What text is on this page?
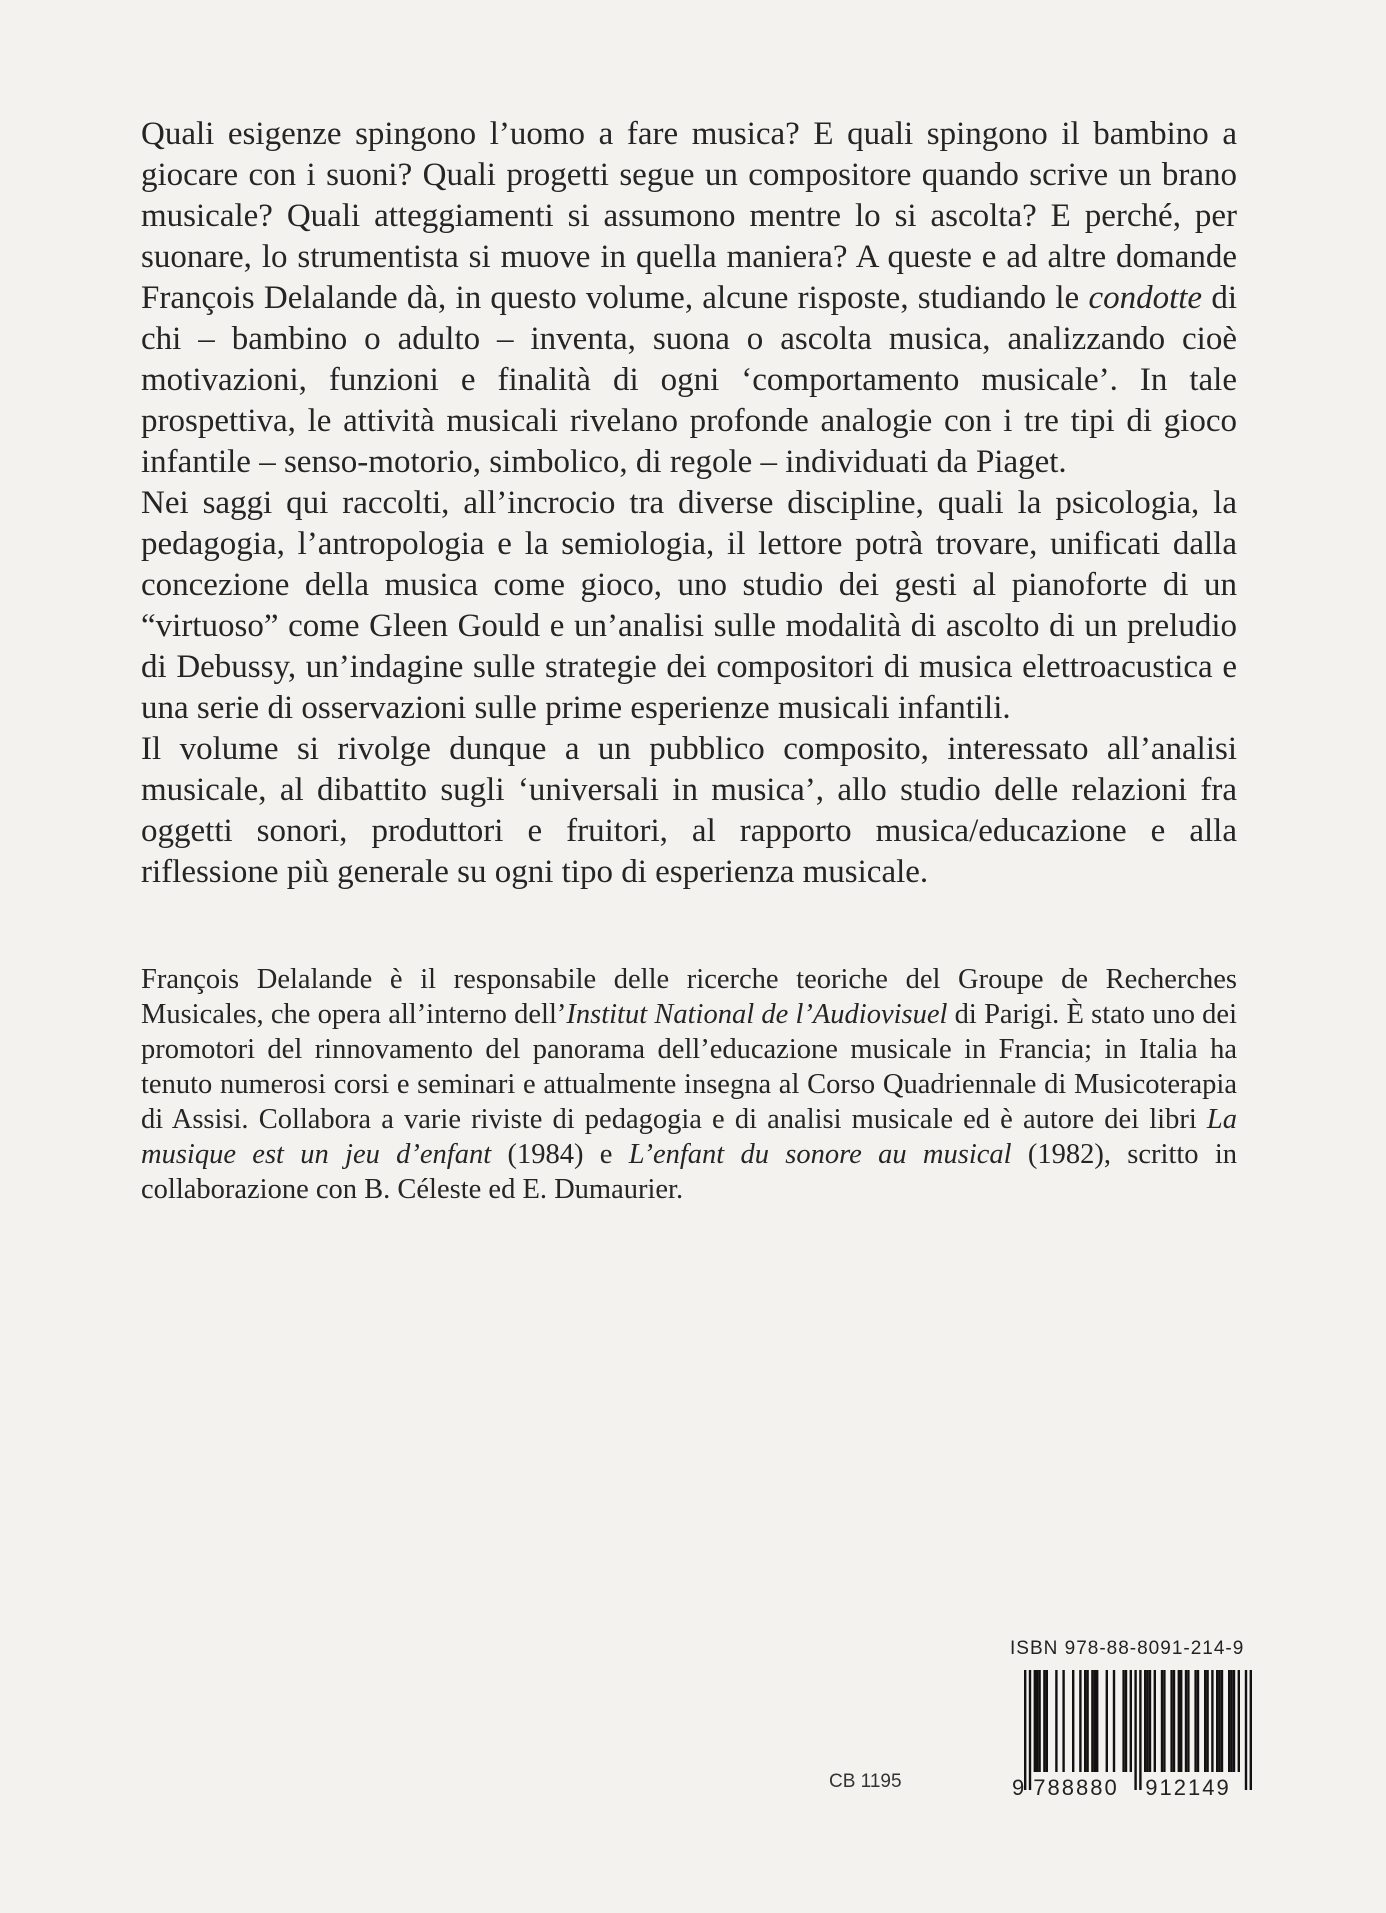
Quali esigenze spingono l’uomo a fare musica? E quali spingono il bambino a giocare con i suoni? Quali progetti segue un compositore quando scrive un brano musicale? Quali atteggiamenti si assumono mentre lo si ascolta? E perché, per suonare, lo strumentista si muove in quella maniera? A queste e ad altre domande François Delalande dà, in questo volume, alcune risposte, studiando le condotte di chi – bambino o adulto – inventa, suona o ascolta musica, analizzando cioè motivazioni, funzioni e finalità di ogni ‘comportamento musicale’. In tale prospettiva, le attività musicali rivelano profonde analogie con i tre tipi di gioco infantile – senso-motorio, simbolico, di regole – individuati da Piaget.

Nei saggi qui raccolti, all’incrocio tra diverse discipline, quali la psicologia, la pedagogia, l’antropologia e la semiologia, il lettore potrà trovare, unificati dalla concezione della musica come gioco, uno studio dei gesti al pianoforte di un “virtuoso” come Gleen Gould e un’analisi sulle modalità di ascolto di un preludio di Debussy, un’indagine sulle strategie dei compositori di musica elettroacustica e una serie di osservazioni sulle prime esperienze musicali infantili.

Il volume si rivolge dunque a un pubblico composito, interessato all’analisi musicale, al dibattito sugli ‘universali in musica’, allo studio delle relazioni fra oggetti sonori, produttori e fruitori, al rapporto musica/educazione e alla riflessione più generale su ogni tipo di esperienza musicale.

François Delalande è il responsabile delle ricerche teoriche del Groupe de Recherches Musicales, che opera all’interno dell’Institut National de l’Audiovisuel di Parigi. È stato uno dei promotori del rinnovamento del panorama dell’educazione musicale in Francia; in Italia ha tenuto numerosi corsi e seminari e attualmente insegna al Corso Quadriennale di Musicoterapia di Assisi. Collabora a varie riviste di pedagogia e di analisi musicale ed è autore dei libri La musique est un jeu d’enfant (1984) e L’enfant du sonore au musical (1982), scritto in collaborazione con B. Céleste ed E. Dumaurier.

ISBN 978-88-8091-214-9
9 788880 912149
CB 1195
